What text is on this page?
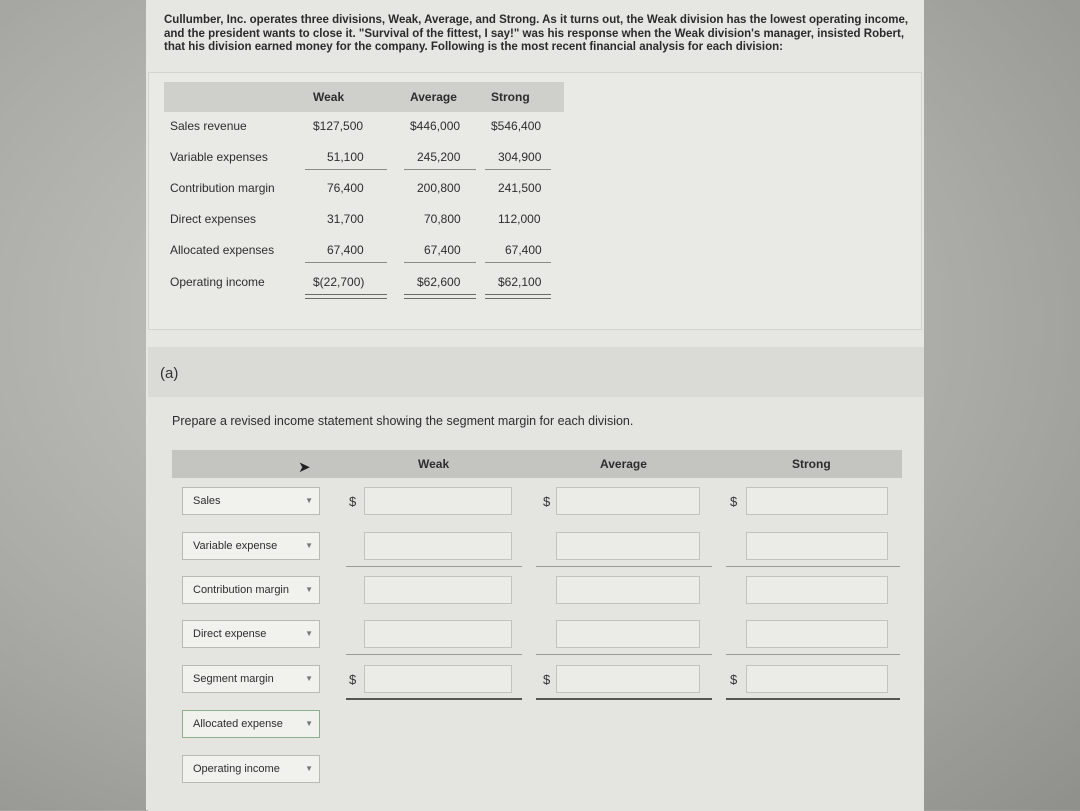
Cullumber, Inc. operates three divisions, Weak, Average, and Strong. As it turns out, the Weak division has the lowest operating income, and the president wants to close it. "Survival of the fittest, I say!" was his response when the Weak division's manager, insisted Robert, that his division earned money for the company. Following is the most recent financial analysis for each division:
Weak	Average	Strong
Sales revenue	$127,500	$446,000	$546,400
Variable expenses	51,100	245,200	304,900
Contribution margin	76,400	200,800	241,500
Direct expenses	31,700	70,800	112,000
Allocated expenses	67,400	67,400	67,400
Operating income	$(22,700)	$62,600	$62,100
(a)
Prepare a revised income statement showing the segment margin for each division.
Weak	Average	Strong
➤
Sales	▼	$	$	$
Variable expense	▼
Contribution margin ▼
Direct expense	▼
Segment margin	▼	$	$	$
Allocated expense	▼
Operating income	▼
